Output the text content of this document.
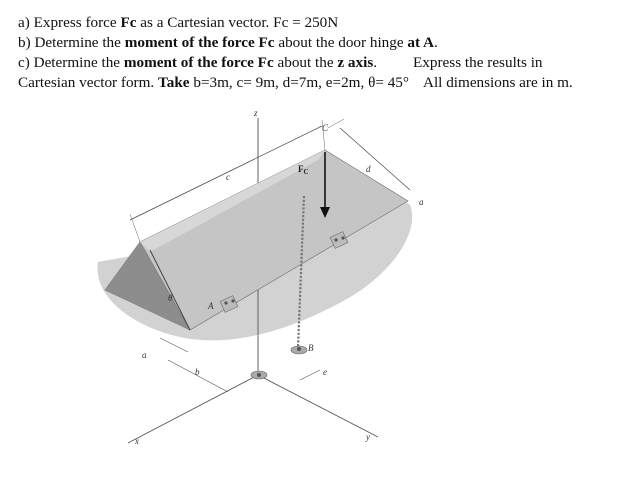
a) Express force Fc as a Cartesian vector. Fc = 250N
b) Determine the moment of the force Fc about the door hinge at A.
c) Determine the moment of the force Fc about the z axis. Express the results in
Cartesian vector form. Take b=3m, c= 9m, d=7m, e=2m, θ= 45° All dimensions are in m.
z
x	y
a
a
b
C
c
d
e
θ
A
B
$F_C$
